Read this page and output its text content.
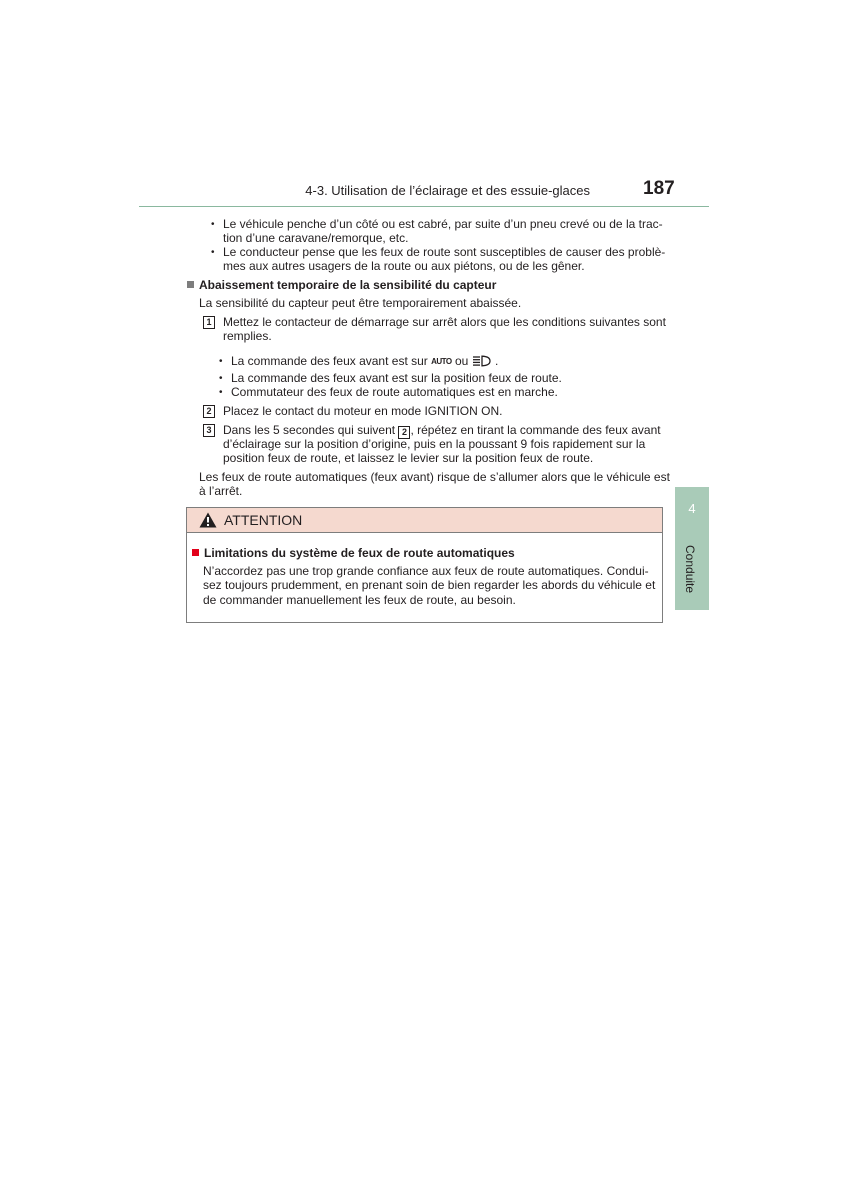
4-3. Utilisation de l’éclairage et des essuie-glaces	187
• Le véhicule penche d’un côté ou est cabré, par suite d’un pneu crevé ou de la trac-
tion d’une caravane/remorque, etc.
• Le conducteur pense que les feux de route sont susceptibles de causer des problè-
mes aux autres usagers de la route ou aux piétons, ou de les gêner.
Abaissement temporaire de la sensibilité du capteur
La sensibilité du capteur peut être temporairement abaissée.
1 Mettez le contacteur de démarrage sur arrêt alors que les conditions suivantes sont
remplies.
• La commande des feux avant est sur AUTO ou .
• La commande des feux avant est sur la position feux de route.
• Commutateur des feux de route automatiques est en marche.
2 Placez le contact du moteur en mode IGNITION ON.
3 Dans les 5 secondes qui suivent 2 , répétez en tirant la commande des feux avant
d’éclairage sur la position d’origine, puis en la poussant 9 fois rapidement sur la
position feux de route, et laissez le levier sur la position feux de route.
Les feux de route automatiques (feux avant) risque de s’allumer alors que le véhicule est
à l’arrêt.
ATTENTION
Limitations du système de feux de route automatiques
N’accordez pas une trop grande confiance aux feux de route automatiques. Condui-
sez toujours prudemment, en prenant soin de bien regarder les abords du véhicule et
de commander manuellement les feux de route, au besoin.
4
Conduite
